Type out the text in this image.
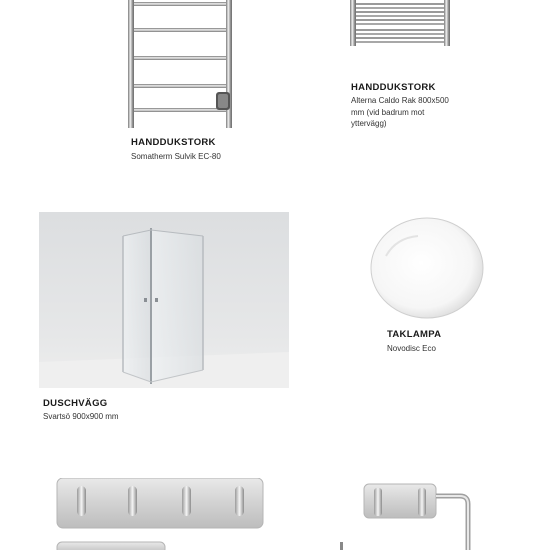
HANDDUKSTORK
Somatherm Sulvik EC-80
HANDDUKSTORK
Alterna Caldo Rak 800x500
mm (vid badrum mot
yttervägg)
DUSCHVÄGG
Svartsö 900x900 mm
TAKLAMPA
Novodisc Eco
